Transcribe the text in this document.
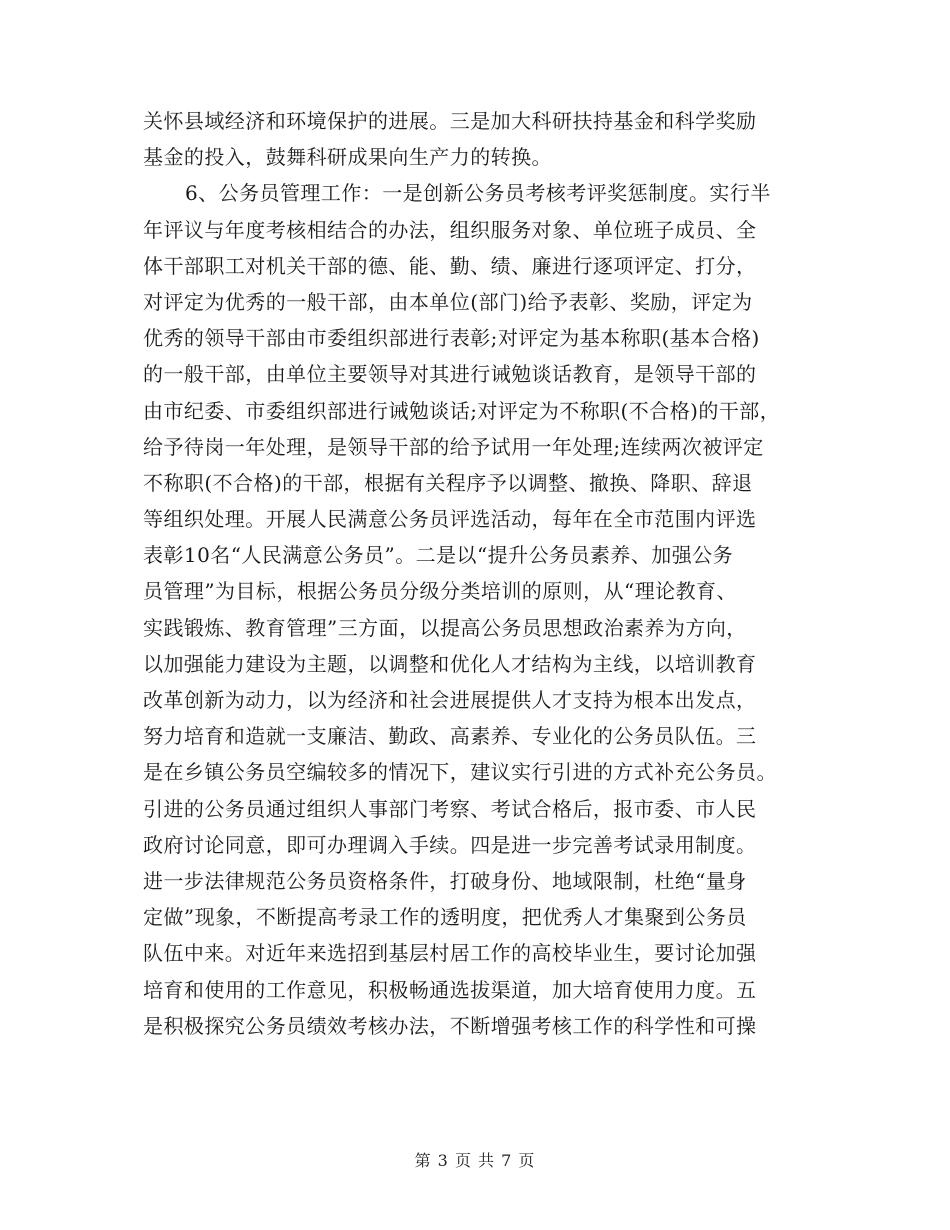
关怀县域经济和环境保护的进展。三是加大科研扶持基金和科学奖励
基金的投入，鼓舞科研成果向生产力的转换。
6、公务员管理工作：一是创新公务员考核考评奖惩制度。实行半
年评议与年度考核相结合的办法，组织服务对象、单位班子成员、全
体干部职工对机关干部的德、能、勤、绩、廉进行逐项评定、打分，
对评定为优秀的一般干部，由本单位(部门)给予表彰、奖励，评定为
优秀的领导干部由市委组织部进行表彰;对评定为基本称职(基本合格)
的一般干部，由单位主要领导对其进行诫勉谈话教育，是领导干部的
由市纪委、市委组织部进行诫勉谈话;对评定为不称职(不合格)的干部，
给予待岗一年处理，是领导干部的给予试用一年处理;连续两次被评定
不称职(不合格)的干部，根据有关程序予以调整、撤换、降职、辞退
等组织处理。开展人民满意公务员评选活动，每年在全市范围内评选
表彰10名“人民满意公务员”。二是以“提升公务员素养、加强公务
员管理”为目标，根据公务员分级分类培训的原则，从“理论教育、
实践锻炼、教育管理”三方面，以提高公务员思想政治素养为方向，
以加强能力建设为主题，以调整和优化人才结构为主线，以培训教育
改革创新为动力，以为经济和社会进展提供人才支持为根本出发点，
努力培育和造就一支廉洁、勤政、高素养、专业化的公务员队伍。三
是在乡镇公务员空编较多的情况下，建议实行引进的方式补充公务员。
引进的公务员通过组织人事部门考察、考试合格后，报市委、市人民
政府讨论同意，即可办理调入手续。四是进一步完善考试录用制度。
进一步法律规范公务员资格条件，打破身份、地域限制，杜绝“量身
定做”现象，不断提高考录工作的透明度，把优秀人才集聚到公务员
队伍中来。对近年来选招到基层村居工作的高校毕业生，要讨论加强
培育和使用的工作意见，积极畅通选拔渠道，加大培育使用力度。五
是积极探究公务员绩效考核办法，不断增强考核工作的科学性和可操
第 3 页 共 7 页
